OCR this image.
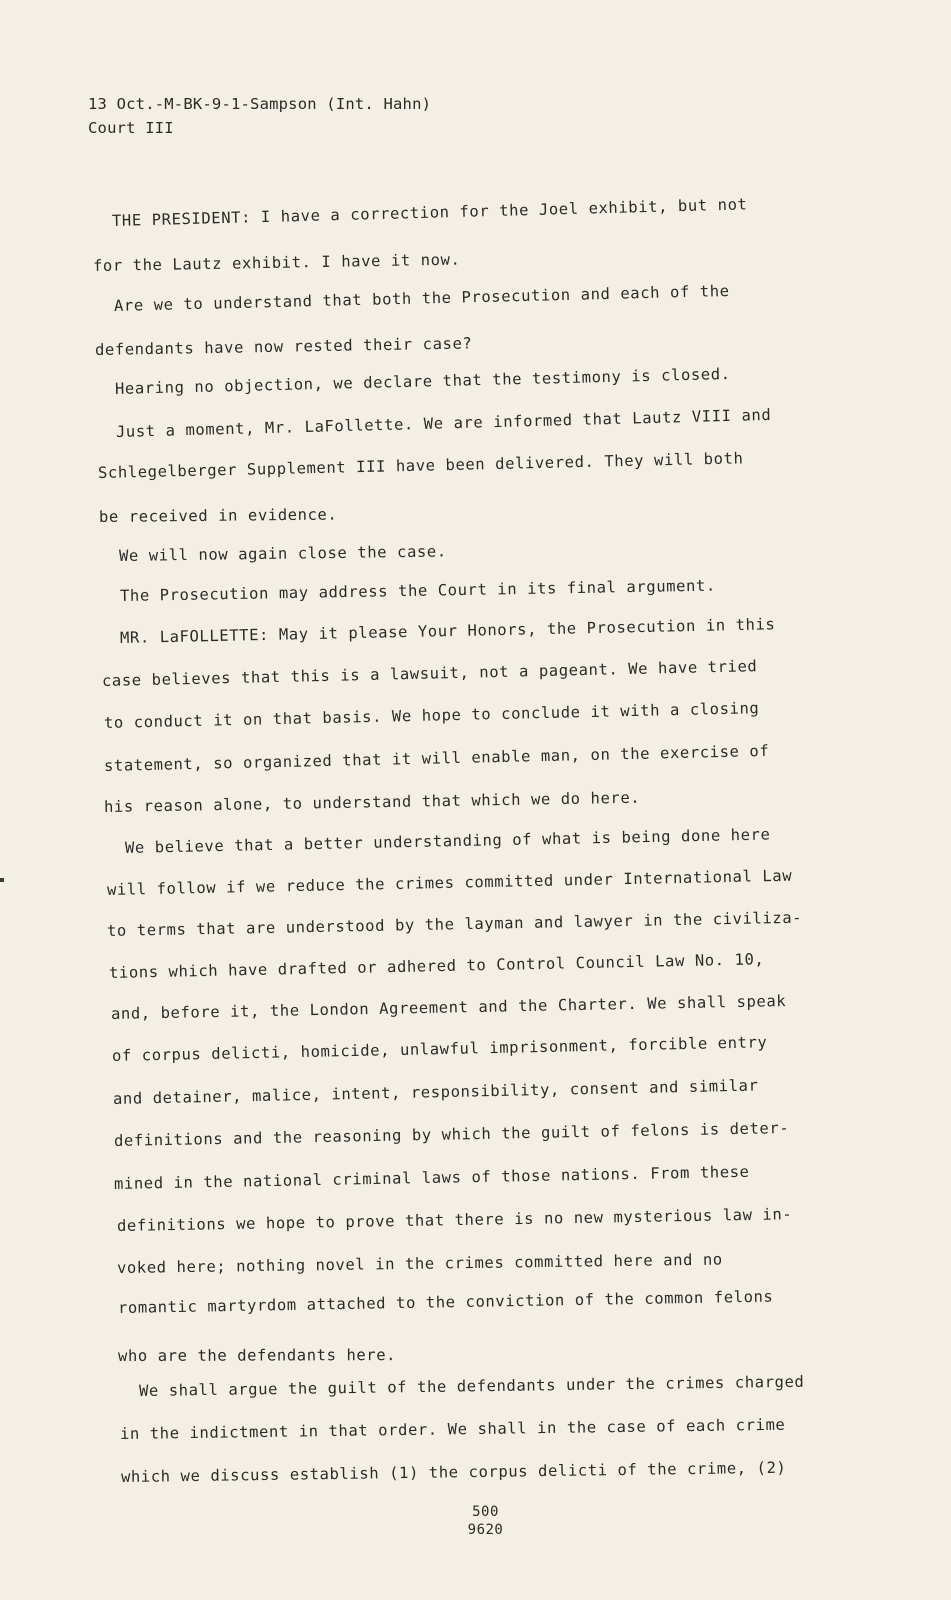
13 Oct.-M-BK-9-1-Sampson (Int. Hahn)
Court III
THE PRESIDENT: I have a correction for the Joel exhibit, but not
for the Lautz exhibit. I have it now.
Are we to understand that both the Prosecution and each of the
defendants have now rested their case?
Hearing no objection, we declare that the testimony is closed.
Just a moment, Mr. LaFollette. We are informed that Lautz VIII and
Schlegelberger Supplement III have been delivered. They will both
be received in evidence.
We will now again close the case.
The Prosecution may address the Court in its final argument.
MR. LaFOLLETTE: May it please Your Honors, the Prosecution in this
case believes that this is a lawsuit, not a pageant. We have tried
to conduct it on that basis. We hope to conclude it with a closing
statement, so organized that it will enable man, on the exercise of
his reason alone, to understand that which we do here.
We believe that a better understanding of what is being done here
will follow if we reduce the crimes committed under International Law
to terms that are understood by the layman and lawyer in the civiliza-
tions which have drafted or adhered to Control Council Law No. 10,
and, before it, the London Agreement and the Charter. We shall speak
of corpus delicti, homicide, unlawful imprisonment, forcible entry
and detainer, malice, intent, responsibility, consent and similar
definitions and the reasoning by which the guilt of felons is deter-
mined in the national criminal laws of those nations. From these
definitions we hope to prove that there is no new mysterious law in-
voked here; nothing novel in the crimes committed here and no
romantic martyrdom attached to the conviction of the common felons
who are the defendants here.
We shall argue the guilt of the defendants under the crimes charged
in the indictment in that order. We shall in the case of each crime
which we discuss establish (1) the corpus delicti of the crime, (2)
500
9620
